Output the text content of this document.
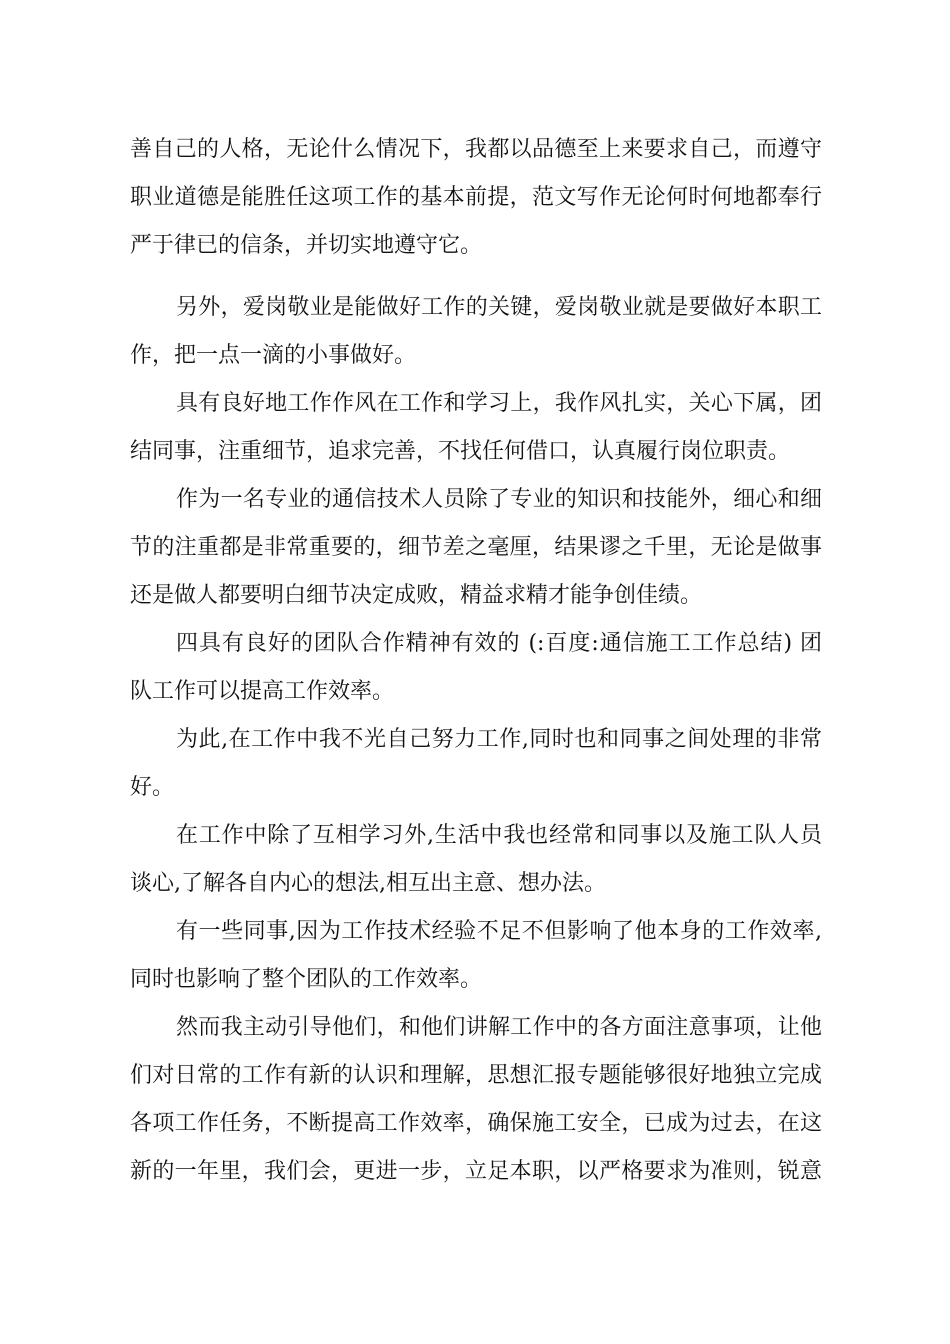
善自己的人格，无论什么情况下，我都以品德至上来要求自己，而遵守
职业道德是能胜任这项工作的基本前提，范文写作无论何时何地都奉行
严于律已的信条，并切实地遵守它。
另外，爱岗敬业是能做好工作的关键，爱岗敬业就是要做好本职工
作，把一点一滴的小事做好。
具有良好地工作作风在工作和学习上，我作风扎实，关心下属，团
结同事，注重细节，追求完善，不找任何借口，认真履行岗位职责。
作为一名专业的通信技术人员除了专业的知识和技能外，细心和细
节的注重都是非常重要的，细节差之毫厘，结果谬之千里，无论是做事
还是做人都要明白细节决定成败，精益求精才能争创佳绩。
四具有良好的团队合作精神有效的 (:百度:通信施工工作总结) 团
队工作可以提高工作效率。
为此,在工作中我不光自己努力工作,同时也和同事之间处理的非常
好。
在工作中除了互相学习外,生活中我也经常和同事以及施工队人员
谈心,了解各自内心的想法,相互出主意、想办法。
有一些同事,因为工作技术经验不足不但影响了他本身的工作效率,
同时也影响了整个团队的工作效率。
然而我主动引导他们，和他们讲解工作中的各方面注意事项，让他
们对日常的工作有新的认识和理解，思想汇报专题能够很好地独立完成
各项工作任务，不断提高工作效率，确保施工安全，已成为过去，在这
新的一年里，我们会，更进一步，立足本职，以严格要求为准则，锐意
